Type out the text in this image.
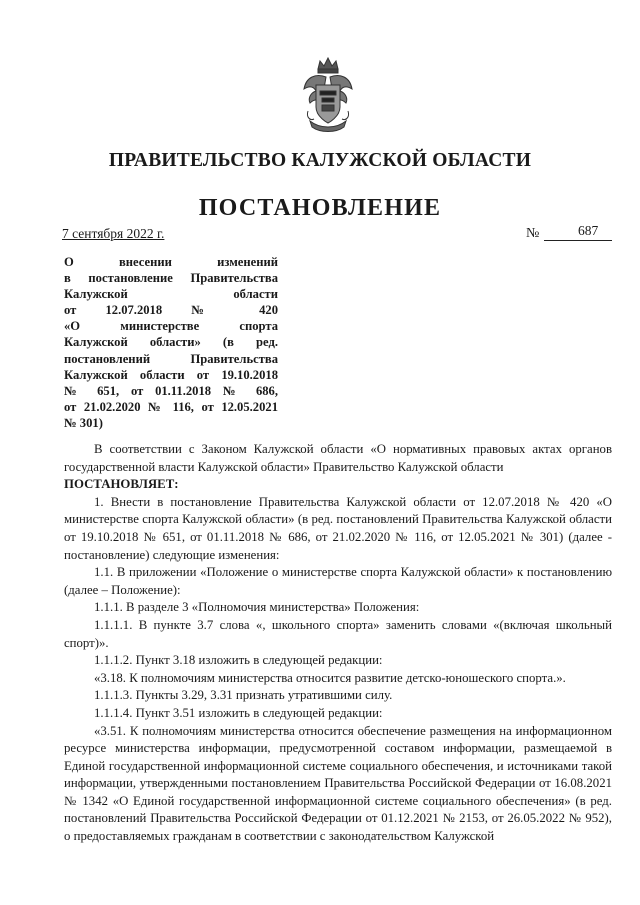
ПРАВИТЕЛЬСТВО КАЛУЖСКОЙ ОБЛАСТИ
ПОСТАНОВЛЕНИЕ
7 сентября 2022 г.	№	687
О внесении изменений
в постановление Правительства
Калужской области
от 12.07.2018 № 420
«О министерстве спорта
Калужской области» (в ред.
постановлений Правительства
Калужской области от 19.10.2018
№ 651, от 01.11.2018 № 686,
от 21.02.2020 № 116, от 12.05.2021
№ 301)

В соответствии с Законом Калужской области «О нормативных правовых актах органов государственной власти Калужской области» Правительство Калужской области

ПОСТАНОВЛЯЕТ:

1. Внести в постановление Правительства Калужской области от 12.07.2018 № 420 «О министерстве спорта Калужской области» (в ред. постановлений Правительства Калужской области от 19.10.2018 № 651, от 01.11.2018 № 686, от 21.02.2020 № 116, от 12.05.2021 № 301) (далее - постановление) следующие изменения:

1.1. В приложении «Положение о министерстве спорта Калужской области» к постановлению (далее – Положение):

1.1.1. В разделе 3 «Полномочия министерства» Положения:

1.1.1.1. В пункте 3.7 слова «, школьного спорта» заменить словами «(включая школьный спорт)».

1.1.1.2. Пункт 3.18 изложить в следующей редакции:

«3.18. К полномочиям министерства относится развитие детско-юношеского спорта.».

1.1.1.3. Пункты 3.29, 3.31 признать утратившими силу.

1.1.1.4. Пункт 3.51 изложить в следующей редакции:

«3.51. К полномочиям министерства относится обеспечение размещения на информационном ресурсе министерства информации, предусмотренной составом информации, размещаемой в Единой государственной информационной системе социального обеспечения, и источниками такой информации, утвержденными постановлением Правительства Российской Федерации от 16.08.2021 № 1342 «О Единой государственной информационной системе социального обеспечения» (в ред. постановлений Правительства Российской Федерации от 01.12.2021 № 2153, от 26.05.2022 № 952), о предоставляемых гражданам в соответствии с законодательством Калужской
